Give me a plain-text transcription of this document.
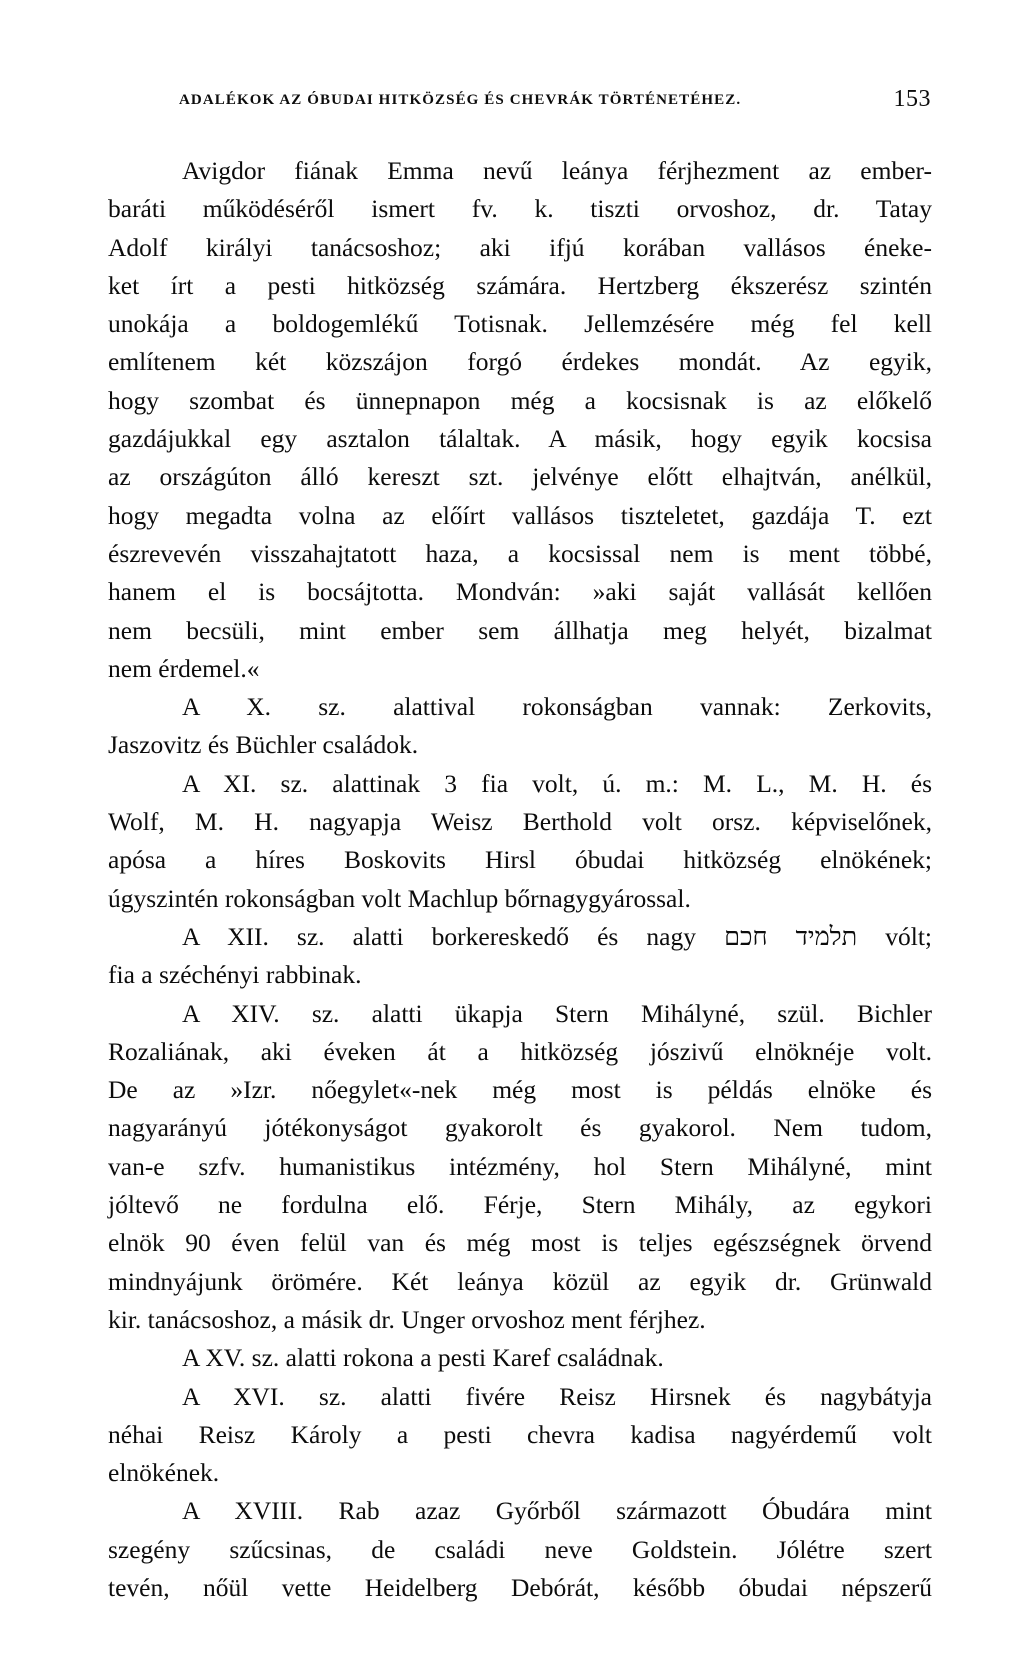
ADALÉKOK AZ ÓBUDAI HITKÖZSÉG ÉS CHEVRÁK TÖRTÉNETÉHEZ.	153
Avigdor fiának Emma nevű leánya férjhezment az ember-
baráti működéséről ismert fv. k. tiszti orvoshoz, dr. Tatay
Adolf királyi tanácsoshoz; aki ifjú korában vallásos éneke-
ket írt a pesti hitközség számára. Hertzberg ékszerész szintén
unokája a boldogemlékű Totisnak. Jellemzésére még fel kell
említenem két közszájon forgó érdekes mondát. Az egyik,
hogy szombat és ünnepnapon még a kocsisnak is az előkelő
gazdájukkal egy asztalon tálaltak. A másik, hogy egyik kocsisa
az országúton álló kereszt szt. jelvénye előtt elhajtván, anélkül,
hogy megadta volna az előírt vallásos tiszteletet, gazdája T. ezt
észrevevén visszahajtatott haza, a kocsissal nem is ment többé,
hanem el is bocsájtotta. Mondván: »aki saját vallását kellően
nem becsüli, mint ember sem állhatja meg helyét, bizalmat
nem érdemel.«
A X. sz. alattival rokonságban vannak: Zerkovits,
Jaszovitz és Büchler családok.
A XI. sz. alattinak 3 fia volt, ú. m.: M. L., M. H. és
Wolf, M. H. nagyapja Weisz Berthold volt orsz. képviselőnek,
apósa a híres Boskovits Hirsl óbudai hitközség elnökének;
úgyszintén rokonságban volt Machlup bőrnagygyárossal.
A XII. sz. alatti borkereskedő és nagy תלמיד חכם vólt;
fia a széchényi rabbinak.
A XIV. sz. alatti ükapja Stern Mihályné, szül. Bichler
Rozaliának, aki éveken át a hitközség jószivű elnöknéje volt.
De az »Izr. nőegylet«-nek még most is példás elnöke és
nagyarányú jótékonyságot gyakorolt és gyakorol. Nem tudom,
van-e szfv. humanistikus intézmény, hol Stern Mihályné, mint
jóltevő ne fordulna elő. Férje, Stern Mihály, az egykori
elnök 90 éven felül van és még most is teljes egészségnek örvend
mindnyájunk örömére. Két leánya közül az egyik dr. Grünwald
kir. tanácsoshoz, a másik dr. Unger orvoshoz ment férjhez.
A XV. sz. alatti rokona a pesti Karef családnak.
A XVI. sz. alatti fivére Reisz Hirsnek és nagybátyja
néhai Reisz Károly a pesti chevra kadisa nagyérdemű volt
elnökének.
A XVIII. Rab azaz Győrből származott Óbudára mint
szegény szűcsinas, de családi neve Goldstein. Jólétre szert
tevén, nőül vette Heidelberg Debórát, később óbudai népszerű
